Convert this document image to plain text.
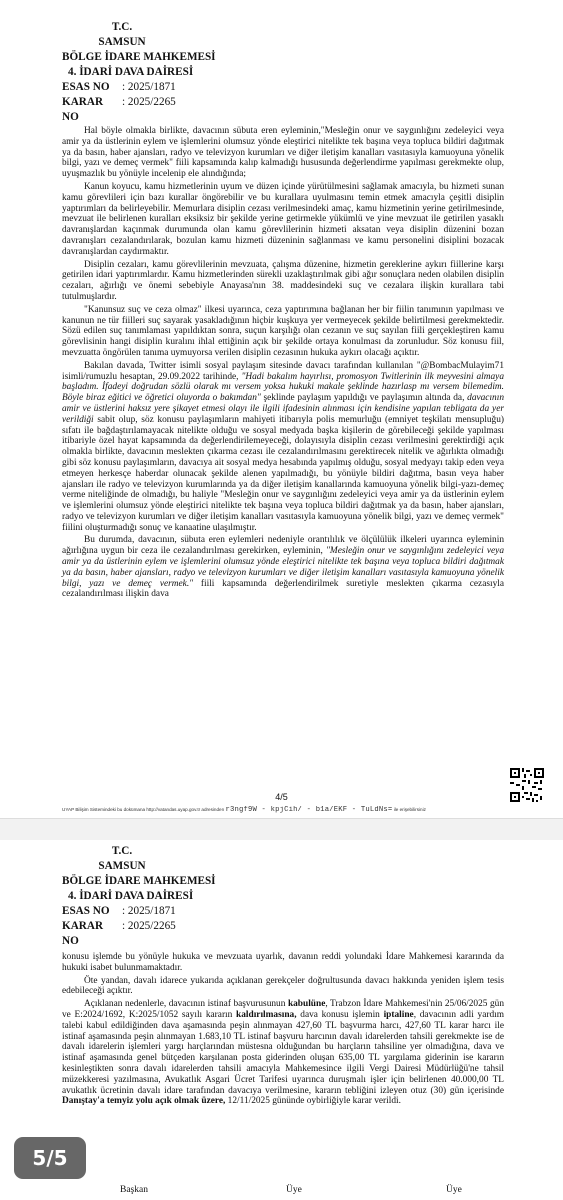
T.C.
SAMSUN
BÖLGE İDARE MAHKEMESİ
4. İDARİ DAVA DAİRESİ
ESAS NO	: 2025/1871
KARAR NO
: 2025/2265

Hal böyle olmakla birlikte, davacının sübuta eren eyleminin,"Mesleğin onur ve saygınlığını zedeleyici veya amir ya da üstlerinin eylem ve işlemlerini olumsuz yönde eleştirici nitelikte tek başına veya topluca bildiri dağıtmak ya da basın, haber ajansları, radyo ve televizyon kurumları ve diğer iletişim kanalları vasıtasıyla kamuoyuna yönelik bilgi, yazı ve demeç vermek" fiili kapsamında kalıp kalmadığı hususunda değerlendirme yapılması gerekmekte olup, uyuşmazlık bu yönüyle incelenip ele alındığında;

Kanun koyucu, kamu hizmetlerinin uyum ve düzen içinde yürütülmesini sağlamak amacıyla, bu hizmeti sunan kamu görevlileri için bazı kurallar öngörebilir ve bu kurallara uyulmasını temin etmek amacıyla çeşitli disiplin yaptırımları da belirleyebilir. Memurlara disiplin cezası verilmesindeki amaç, kamu hizmetinin yerine getirilmesinde, mevzuat ile belirlenen kuralları eksiksiz bir şekilde yerine getirmekle yükümlü ve yine mevzuat ile getirilen yasaklı davranışlardan kaçınmak durumunda olan kamu görevlilerinin hizmeti aksatan veya disiplin düzenini bozan davranışları cezalandırılarak, bozulan kamu hizmeti düzeninin sağlanması ve kamu personelini disiplini bozacak davranışlardan caydırmaktır.

Disiplin cezaları, kamu görevlilerinin mevzuata, çalışma düzenine, hizmetin gereklerine aykırı fiillerine karşı getirilen idari yaptırımlardır. Kamu hizmetlerinden sürekli uzaklaştırılmak gibi ağır sonuçlara neden olabilen disiplin cezaları, ağırlığı ve önemi sebebiyle Anayasa'nın 38. maddesindeki suç ve cezalara ilişkin kurallara tabi tutulmuşlardır.

"Kanunsuz suç ve ceza olmaz" ilkesi uyarınca, ceza yaptırımına bağlanan her bir fiilin tanımının yapılması ve kanunun ne tür fiilleri suç sayarak yasakladığının hiçbir kuşkuya yer vermeyecek şekilde belirtilmesi gerekmektedir. Sözü edilen suç tanımlaması yapıldıktan sonra, suçun karşılığı olan cezanın ve suç sayılan fiili gerçekleştiren kamu görevlisinin hangi disiplin kuralını ihlal ettiğinin açık bir şekilde ortaya konulması da zorunludur. Söz konusu fiil, mevzuatta öngörülen tanıma uymuyorsa verilen disiplin cezasının hukuka aykırı olacağı açıktır.

Bakılan davada, Twitter isimli sosyal paylaşım sitesinde davacı tarafından kullanılan "@BombacMulayim71 isimli/rumuzlu hesaptan, 29.09.2022 tarihinde, "Hadi bakalım hayırlısı, promosyon Twitlerinin ilk meyvesini almaya başladım. İfadeyi doğrudan sözlü olarak mı versem yoksa hukuki makale şeklinde hazırlasp mı versem bilemedim. Böyle biraz eğitici ve öğretici oluyorda o bakımdan" şeklinde paylaşım yapıldığı ve paylaşımın altında da, davacının amir ve üstlerini haksız yere şikayet etmesi olayı ile ilgili ifadesinin alınması için kendisine yapılan tebligata da yer verildiği sabit olup, söz konusu paylaşımların mahiyeti itibarıyla polis memurluğu (emniyet teşkilatı mensupluğu) sıfatı ile bağdaştırılamayacak nitelikte olduğu ve sosyal medyada başka kişilerin de görebileceği şekilde yapılması itibariyle özel hayat kapsamında da değerlendirilemeyeceği, dolayısıyla disiplin cezası verilmesini gerektirdiği açık olmakla birlikte, davacının meslekten çıkarma cezası ile cezalandırılmasını gerektirecek nitelik ve ağırlıkta olmadığı gibi söz konusu paylaşımların, davacıya ait sosyal medya hesabında yapılmış olduğu, sosyal medyayı takip eden veya etmeyen herkesçe haberdar olunacak şekilde alenen yapılmadığı, bu yönüyle bildiri dağıtma, basın veya haber ajansları ile radyo ve televizyon kurumlarında ya da diğer iletişim kanallarında kamuoyuna yönelik bilgi-yazı-demeç verme niteliğinde de olmadığı, bu haliyle "Mesleğin onur ve saygınlığını zedeleyici veya amir ya da üstlerinin eylem ve işlemlerini olumsuz yönde eleştirici nitelikte tek başına veya topluca bildiri dağıtmak ya da basın, haber ajansları, radyo ve televizyon kurumları ve diğer iletişim kanalları vasıtasıyla kamuoyuna yönelik bilgi, yazı ve demeç vermek" fiilini oluşturmadığı sonuç ve kanaatine ulaşılmıştır.

Bu durumda, davacının, sübuta eren eylemleri nedeniyle orantılılık ve ölçülülük ilkeleri uyarınca eyleminin ağırlığına uygun bir ceza ile cezalandırılması gerekirken, eyleminin, "Mesleğin onur ve saygınlığını zedeleyici veya amir ya da üstlerinin eylem ve işlemlerini olumsuz yönde eleştirici nitelikte tek başına veya topluca bildiri dağıtmak ya da basın, haber ajansları, radyo ve televizyon kurumları ve diğer iletişim kanalları vasıtasıyla kamuoyuna yönelik bilgi, yazı ve demeç vermek." fiili kapsamında değerlendirilmek suretiyle meslekten çıkarma cezasıyla cezalandırılması ilişkin dava

4/5
UYAP Bilişim Sistemindeki bu dokümana http://vatandas.uyap.gov.tr adresinden r3ngf9W - kpjCih/ - b1a/EKF - TuLdNs= ile erişebilirsiniz
T.C.
SAMSUN
BÖLGE İDARE MAHKEMESİ
4. İDARİ DAVA DAİRESİ
ESAS NO	: 2025/1871
KARAR NO
: 2025/2265

konusu işlemde bu yönüyle hukuka ve mevzuata uyarlık, davanın reddi yolundaki İdare Mahkemesi kararında da hukuki isabet bulunmamaktadır.

Öte yandan, davalı idarece yukarıda açıklanan gerekçeler doğrultusunda davacı hakkında yeniden işlem tesis edebileceği açıktır.

Açıklanan nedenlerle, davacının istinaf başvurusunun kabulüne, Trabzon İdare Mahkemesi'nin 25/06/2025 gün ve E:2024/1692, K:2025/1052 sayılı kararın kaldırılmasına, dava konusu işlemin iptaline, davacının adli yardım talebi kabul edildiğinden dava aşamasında peşin alınmayan 427,60 TL başvurma harcı, 427,60 TL karar harcı ile istinaf aşamasında peşin alınmayan 1.683,10 TL istinaf başvuru harcının davalı idarelerden tahsili gerekmekte ise de davalı idarelerin işlemleri yargı harçlarından müstesna olduğundan bu harçların tahsiline yer olmadığına, dava ve istinaf aşamasında genel bütçeden karşılanan posta giderinden oluşan 635,00 TL yargılama giderinin ise kararın kesinleştikten sonra davalı idarelerden tahsili amacıyla Mahkemesince ilgili Vergi Dairesi Müdürlüğü'ne tahsil müzekkeresi yazılmasına, Avukatlık Asgari Ücret Tarifesi uyarınca duruşmalı işler için belirlenen 40.000,00 TL avukatlık ücretinin davalı idare tarafından davacıya verilmesine, kararın tebliğini izleyen otuz (30) gün içerisinde Danıştay'a temyiz yolu açık olmak üzere, 12/11/2025 gününde oybirliğiyle karar verildi.

5/5
Başkan	Üye	Üye
